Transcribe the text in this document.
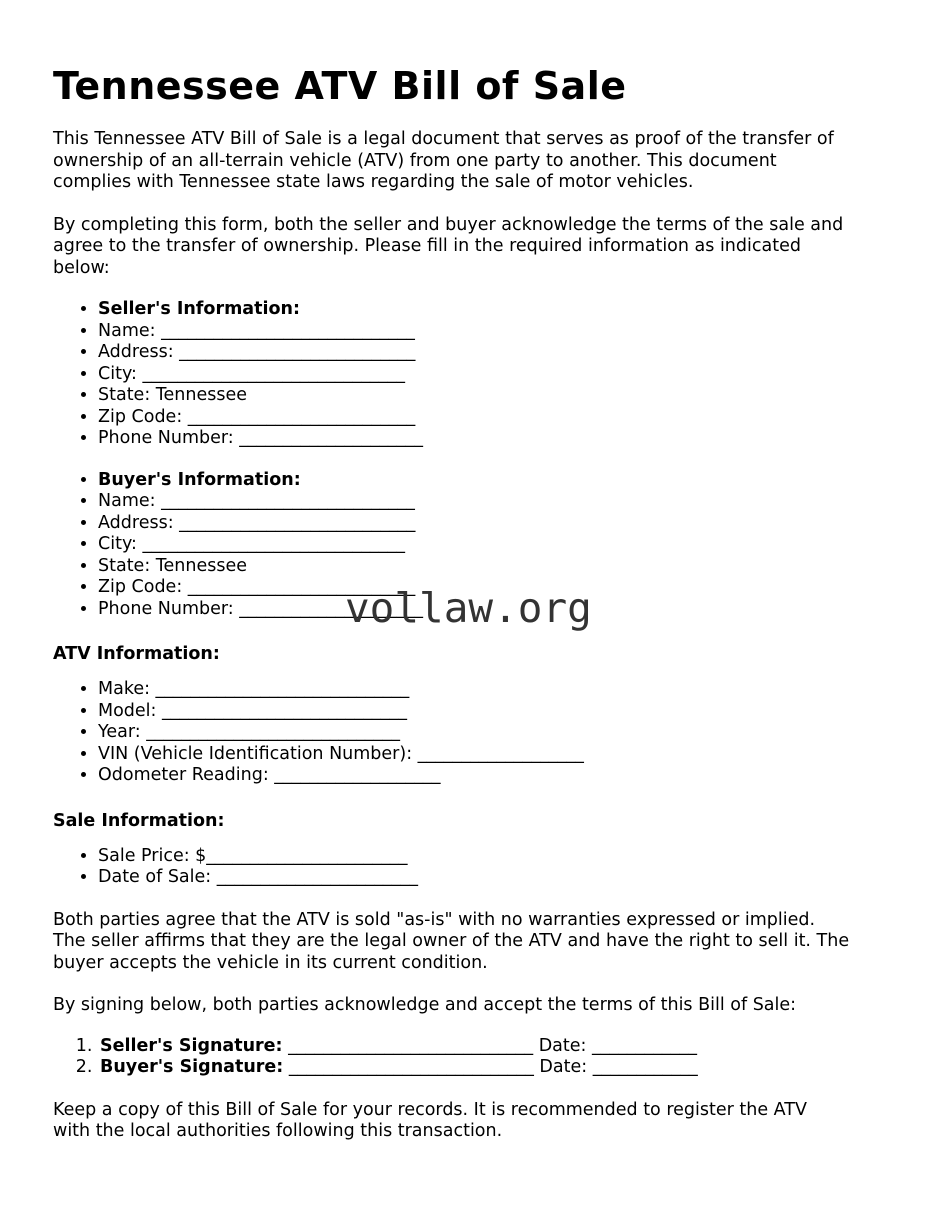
Tennessee ATV Bill of Sale

This Tennessee ATV Bill of Sale is a legal document that serves as proof of the transfer of
ownership of an all-terrain vehicle (ATV) from one party to another. This document
complies with Tennessee state laws regarding the sale of motor vehicles.

By completing this form, both the seller and buyer acknowledge the terms of the sale and
agree to the transfer of ownership. Please fill in the required information as indicated
below:

• Seller's Information:
• Name: _____________________________
• Address: ___________________________
• City: ______________________________
• State: Tennessee
• Zip Code: __________________________
• Phone Number: _____________________
• Buyer's Information:
• Name: _____________________________
• Address: ___________________________
• City: ______________________________
• State: Tennessee
• Zip Code: __________________________
• Phone Number: _____________________
ATV Information:
• Make: _____________________________
• Model: ____________________________
• Year: _____________________________
• VIN (Vehicle Identification Number): ___________________
• Odometer Reading: ___________________
Sale Information:
• Sale Price: $_______________________
• Date of Sale: _______________________

Both parties agree that the ATV is sold "as-is" with no warranties expressed or implied.
The seller affirms that they are the legal owner of the ATV and have the right to sell it. The
buyer accepts the vehicle in its current condition.

By signing below, both parties acknowledge and accept the terms of this Bill of Sale:

1. Seller's Signature: ____________________________ Date: ____________
2. Buyer's Signature: ____________________________ Date: ____________

Keep a copy of this Bill of Sale for your records. It is recommended to register the ATV
with the local authorities following this transaction.

vollaw.org
